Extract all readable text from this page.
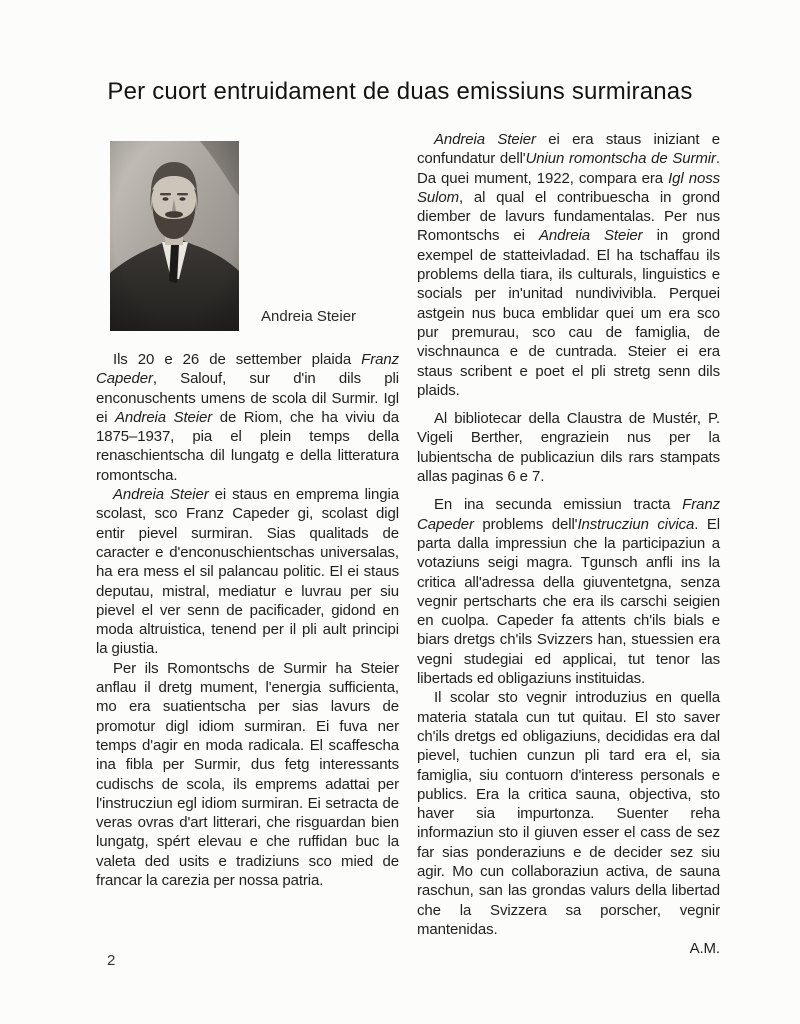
Per cuort entruidament de duas emissiuns surmiranas
Andreia Steier

Ils 20 e 26 de settember plaida Franz Capeder, Salouf, sur d'in dils pli enconuschents umens de scola dil Surmir. Igl ei Andreia Steier de Riom, che ha viviu da 1875–1937, pia el plein temps della renaschientscha dil lungatg e della litteratura romontscha.

Andreia Steier ei staus en emprema lingia scolast, sco Franz Capeder gi, scolast digl entir pievel surmiran. Sias qualitads de caracter e d'enconuschientschas universalas, ha era mess el sil palancau politic. El ei staus deputau, mistral, mediatur e luvrau per siu pievel el ver senn de pacificader, gidond en moda altruistica, tenend per il pli ault principi la giustia.

Per ils Romontschs de Surmir ha Steier anflau il dretg mument, l'energia sufficienta, mo era suatientscha per sias lavurs de promotur digl idiom surmiran. Ei fuva ner temps d'agir en moda radicala. El scaffescha ina fibla per Surmir, dus fetg interessants cudischs de scola, ils emprems adattai per l'instrucziun egl idiom surmiran. Ei setracta de veras ovras d'art litterari, che risguardan bien lungatg, spért elevau e che ruffidan buc la valeta ded usits e tradiziuns sco mied de francar la carezia per nossa patria.

Andreia Steier ei era staus iniziant e confundatur dell'Uniun romontscha de Surmir. Da quei mument, 1922, compara era Igl noss Sulom, al qual el contribuescha in grond diember de lavurs fundamentalas. Per nus Romontschs ei Andreia Steier in grond exempel de statteivladad. El ha tschaffau ils problems della tiara, ils culturals, linguistics e socials per in'unitad nundivivibla. Perquei astgein nus buca emblidar quei um era sco pur premurau, sco cau de famiglia, de vischnaunca e de cuntrada. Steier ei era staus scribent e poet el pli stretg senn dils plaids.

Al bibliotecar della Claustra de Mustér, P. Vigeli Berther, engraziein nus per la lubientscha de publicaziun dils rars stampats allas paginas 6 e 7.

En ina secunda emissiun tracta Franz Capeder problems dell'Instrucziun civica. El parta dalla impressiun che la participaziun a votaziuns seigi magra. Tgunsch anfli ins la critica all'adressa della giuventetgna, senza vegnir pertscharts che era ils carschi seigien en cuolpa. Capeder fa attents ch'ils bials e biars dretgs ch'ils Svizzers han, stuessien era vegni studegiai ed applicai, tut tenor las libertads ed obligaziuns instituidas.

Il scolar sto vegnir introduzius en quella materia statala cun tut quitau. El sto saver ch'ils dretgs ed obligaziuns, decididas era dal pievel, tuchien cunzun pli tard era el, sia famiglia, siu contuorn d'interess personals e publics. Era la critica sauna, objectiva, sto haver sia impurtonza. Suenter reha informaziun sto il giuven esser el cass de sez far sias ponderaziuns e de decider sez siu agir. Mo cun collaboraziun activa, de sauna raschun, san las grondas valurs della libertad che la Svizzera sa porscher, vegnir mantenidas.

A.M.

2
